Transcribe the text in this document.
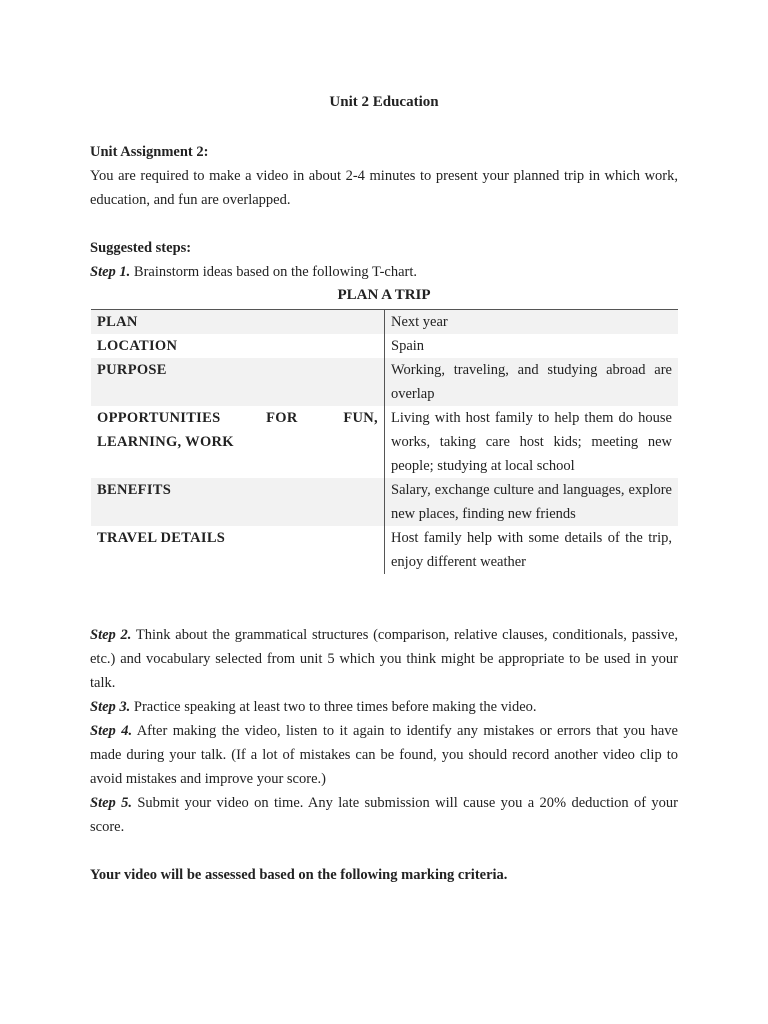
Unit 2 Education
Unit Assignment 2:
You are required to make a video in about 2-4 minutes to present your planned trip in which work, education, and fun are overlapped.
Suggested steps:
Step 1. Brainstorm ideas based on the following T-chart.
PLAN A TRIP
PLAN	Next year
LOCATION	Spain
PURPOSE	Working, traveling, and studying abroad are overlap
OPPORTUNITIES FOR FUN, LEARNING, WORK	Living with host family to help them do house works, taking care host kids; meeting new people; studying at local school
BENEFITS	Salary, exchange culture and languages, explore new places, finding new friends
TRAVEL DETAILS	Host family help with some details of the trip, enjoy different weather
Step 2. Think about the grammatical structures (comparison, relative clauses, conditionals, passive, etc.) and vocabulary selected from unit 5 which you think might be appropriate to be used in your talk.
Step 3. Practice speaking at least two to three times before making the video.
Step 4. After making the video, listen to it again to identify any mistakes or errors that you have made during your talk. (If a lot of mistakes can be found, you should record another video clip to avoid mistakes and improve your score.)
Step 5. Submit your video on time. Any late submission will cause you a 20% deduction of your score.
Your video will be assessed based on the following marking criteria.
